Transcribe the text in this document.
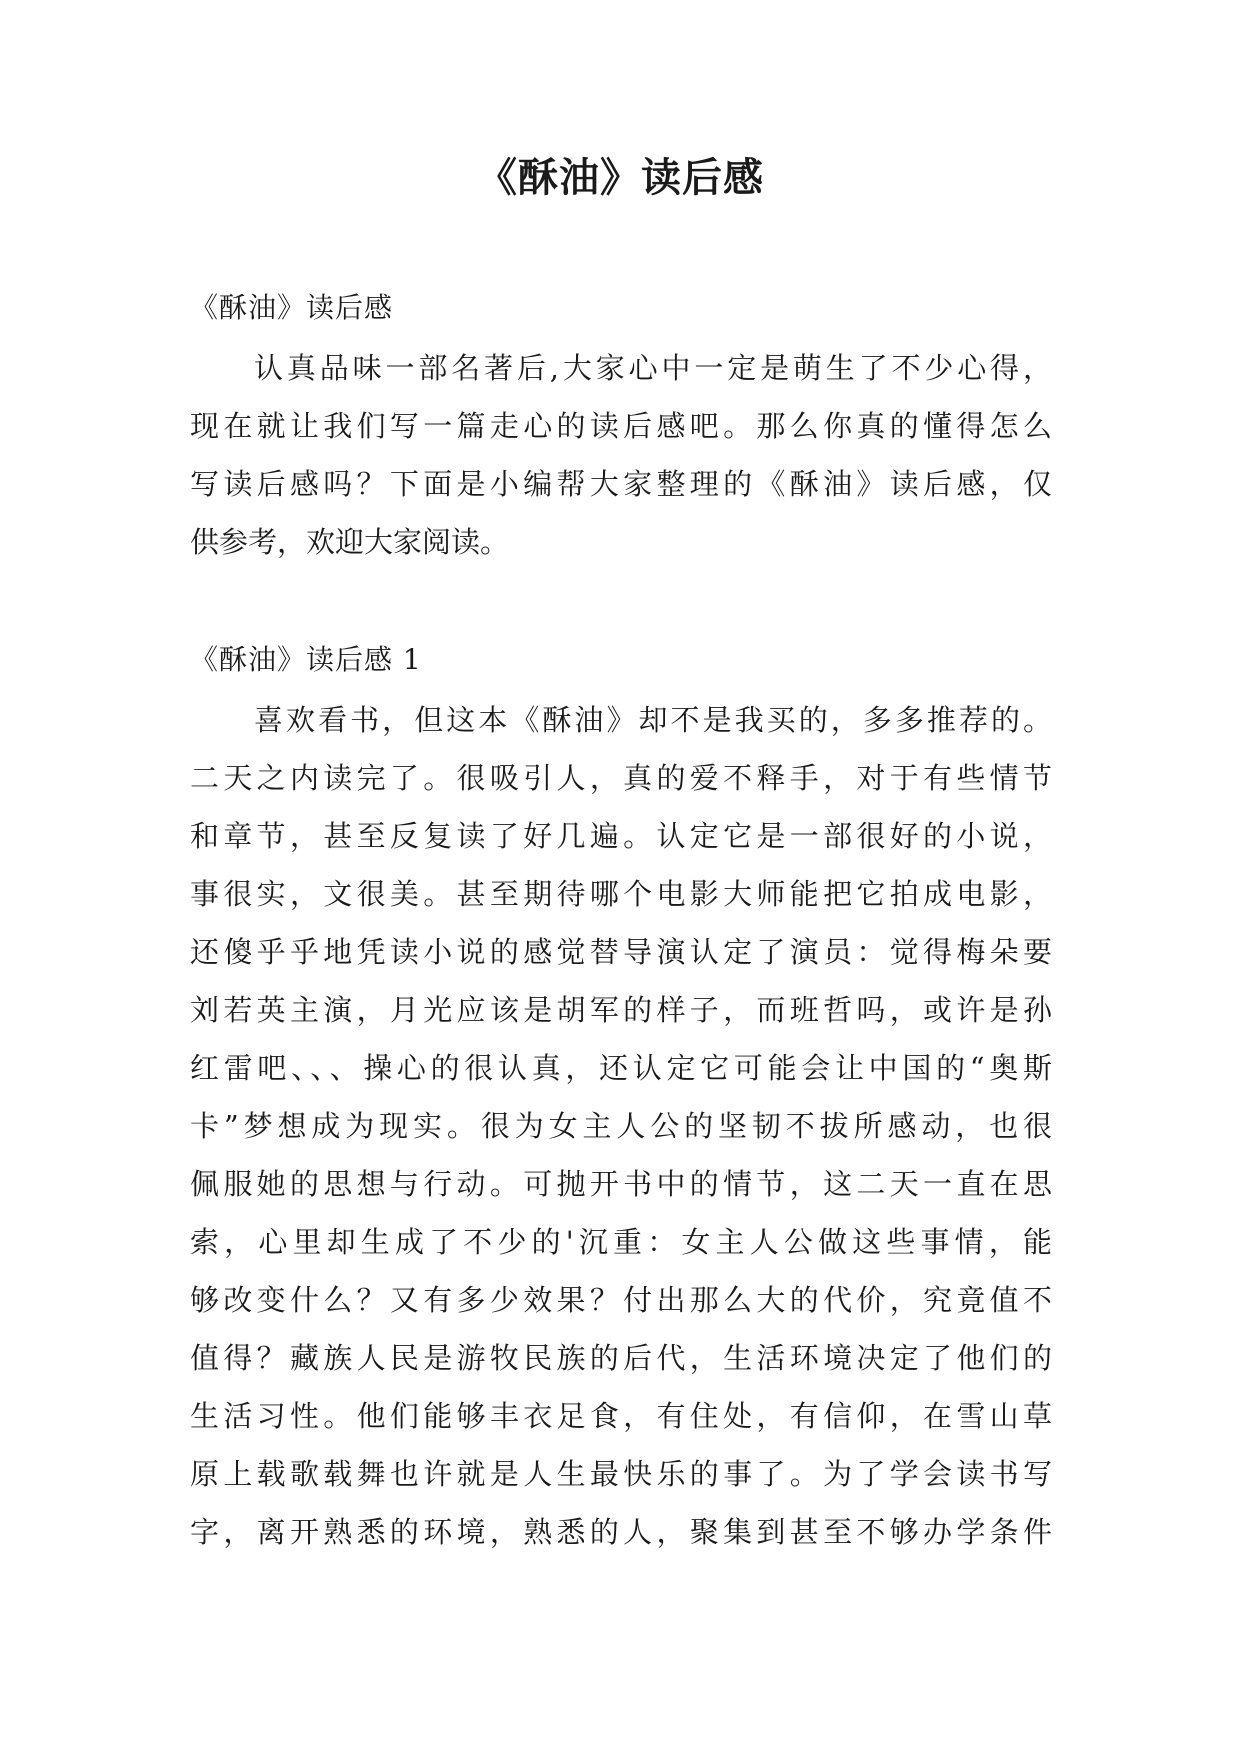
《酥油》读后感
《酥油》读后感
认真品味一部名著后,大家心中一定是萌生了不少心得，
现在就让我们写一篇走心的读后感吧。那么你真的懂得怎么
写读后感吗？下面是小编帮大家整理的《酥油》读后感，仅
供参考，欢迎大家阅读。
《酥油》读后感 1
喜欢看书，但这本《酥油》却不是我买的，多多推荐的。
二天之内读完了。很吸引人，真的爱不释手，对于有些情节
和章节，甚至反复读了好几遍。认定它是一部很好的小说，
事很实，文很美。甚至期待哪个电影大师能把它拍成电影，
还傻乎乎地凭读小说的感觉替导演认定了演员：觉得梅朵要
刘若英主演，月光应该是胡军的样子，而班哲吗，或许是孙
红雷吧、、、操心的很认真，还认定它可能会让中国的“奥斯
卡”梦想成为现实。很为女主人公的坚韧不拔所感动，也很
佩服她的思想与行动。可抛开书中的情节，这二天一直在思
索，心里却生成了不少的'沉重：女主人公做这些事情，能
够改变什么？又有多少效果？付出那么大的代价，究竟值不
值得？藏族人民是游牧民族的后代，生活环境决定了他们的
生活习性。他们能够丰衣足食，有住处，有信仰，在雪山草
原上载歌载舞也许就是人生最快乐的事了。为了学会读书写
字，离开熟悉的环境，熟悉的人，聚集到甚至不够办学条件
